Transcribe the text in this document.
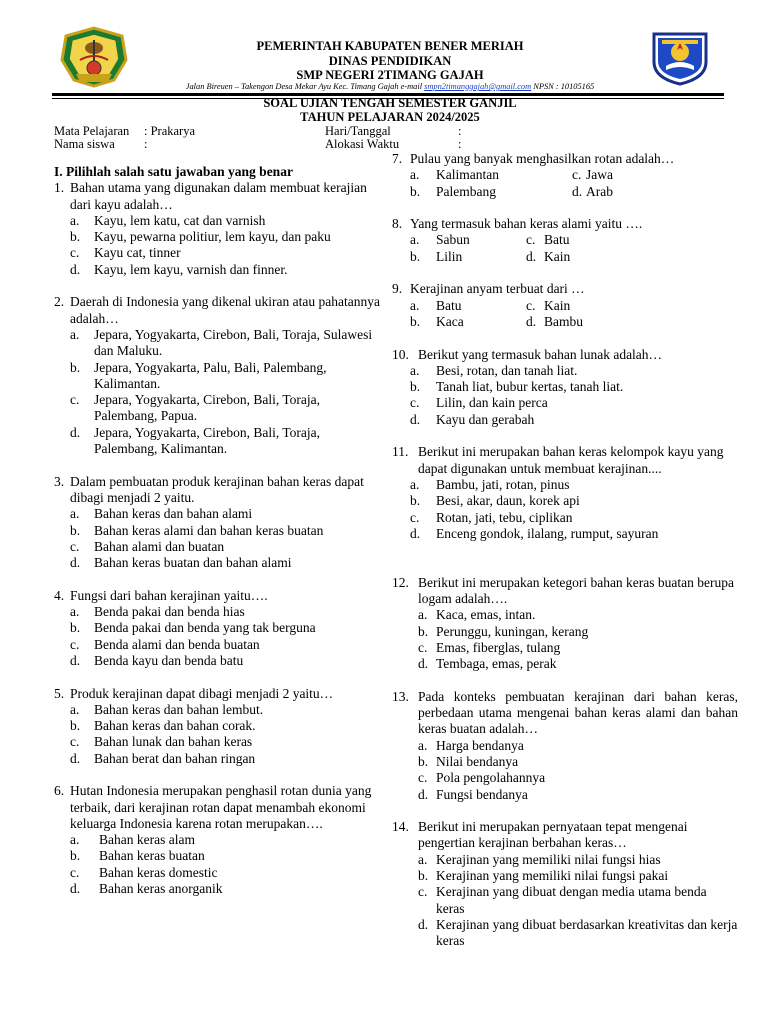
PEMERINTAH KABUPATEN BENER MERIAH
DINAS PENDIDIKAN
SMP NEGERI 2TIMANG GAJAH
Jalan Bireuen – Takengon Desa Mekar Ayu Kec. Timang Gajah e-mail smpn2timanggajah@gmail.com NPSN : 10105165
SOAL UJIAN TENGAH SEMESTER GANJIL
TAHUN PELAJARAN 2024/2025
Mata Pelajaran : Prakarya
Nama siswa :
Hari/Tanggal	:
Alokasi Waktu	:
I. Pilihlah salah satu jawaban yang benar
1. Bahan utama yang digunakan dalam membuat kerajian dari kayu adalah…
a.	Kayu, lem katu, cat dan varnish
b.	Kayu, pewarna politiur, lem kayu, dan paku
c.	Kayu cat, tinner
d.	Kayu, lem kayu, varnish dan finner.
2. Daerah di Indonesia yang dikenal ukiran atau pahatannya adalah…
a.	Jepara, Yogyakarta, Cirebon, Bali, Toraja, Sulawesi dan Maluku.
b.	Jepara, Yogyakarta, Palu, Bali, Palembang, Kalimantan.
c.	Jepara, Yogyakarta, Cirebon, Bali, Toraja, Palembang, Papua.
d.	Jepara, Yogyakarta, Cirebon, Bali, Toraja, Palembang, Kalimantan.
3. Dalam pembuatan produk kerajinan bahan keras dapat dibagi menjadi 2 yaitu.
a.	Bahan keras dan bahan alami
b.	Bahan keras alami dan bahan keras buatan
c.	Bahan alami dan buatan
d.	Bahan keras buatan dan bahan alami
4. Fungsi dari bahan kerajinan yaitu….
a.	Benda pakai dan benda hias
b.	Benda pakai dan benda yang tak berguna
c.	Benda alami dan benda buatan
d.	Benda kayu dan benda batu
5. Produk kerajinan dapat dibagi menjadi 2 yaitu…
a.	Bahan keras dan bahan lembut.
b.	Bahan keras dan bahan corak.
c.	Bahan lunak dan bahan keras
d.	Bahan berat dan bahan ringan
6. Hutan Indonesia merupakan penghasil rotan dunia yang terbaik, dari kerajinan rotan dapat menambah ekonomi keluarga Indonesia karena rotan merupakan….
a.	Bahan keras alam
b.	Bahan keras buatan
c.	Bahan keras domestic
d.	Bahan keras anorganik
7. Pulau yang banyak menghasilkan rotan adalah…
a.	Kalimantan	c. Jawa
b.	Palembang	d. Arab
8. Yang termasuk bahan keras alami yaitu ….
a.	Sabun	c. Batu
b.	Lilin	d. Kain
9. Kerajinan anyam terbuat dari …
a.	Batu	c. Kain
b.	Kaca	d. Bambu
10. Berikut yang termasuk bahan lunak adalah…
a.	Besi, rotan, dan tanah liat.
b.	Tanah liat, bubur kertas, tanah liat.
c.	Lilin, dan kain perca
d.	Kayu dan gerabah
11. Berikut ini merupakan bahan keras kelompok kayu yang dapat digunakan untuk membuat kerajinan....
a.	Bambu, jati, rotan, pinus
b.	Besi, akar, daun, korek api
c.	Rotan, jati, tebu, ciplikan
d.	Enceng gondok, ilalang, rumput, sayuran
12. Berikut ini merupakan ketegori bahan keras buatan berupa logam adalah….
a. Kaca, emas, intan.
b. Perunggu, kuningan, kerang
c. Emas, fiberglas, tulang
d. Tembaga, emas, perak
13. Pada konteks pembuatan kerajinan dari bahan keras, perbedaan utama mengenai bahan keras alami dan bahan keras buatan adalah…
a. Harga bendanya
b. Nilai bendanya
c. Pola pengolahannya
d. Fungsi bendanya
14. Berikut ini merupakan pernyataan tepat mengenai pengertian kerajinan berbahan keras…
a. Kerajinan yang memiliki nilai fungsi hias
b. Kerajinan yang memiliki nilai fungsi pakai
c. Kerajinan yang dibuat dengan media utama benda keras
d. Kerajinan yang dibuat berdasarkan kreativitas dan kerja keras
